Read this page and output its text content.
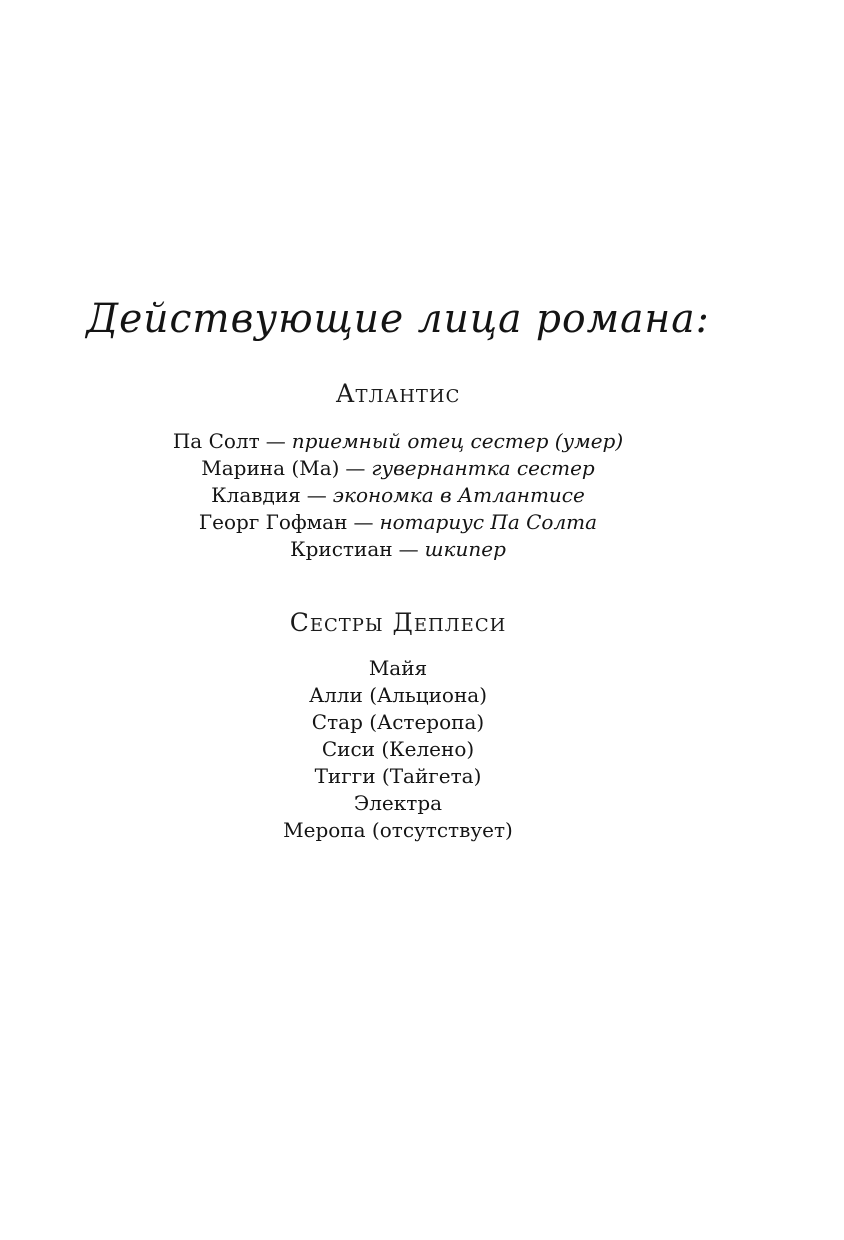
Действующие лица романа:
Атлантис
Па Солт — приемный отец сестер (умер)
Марина (Ма) — гувернантка сестер
Клавдия — экономка в Атлантисе
Георг Гофман — нотариус Па Солта
Кристиан — шкипер
Сестры Деплеси
Майя
Алли (Альциона)
Стар (Астеропа)
Сиси (Келено)
Тигги (Тайгета)
Электра
Меропа (отсутствует)
